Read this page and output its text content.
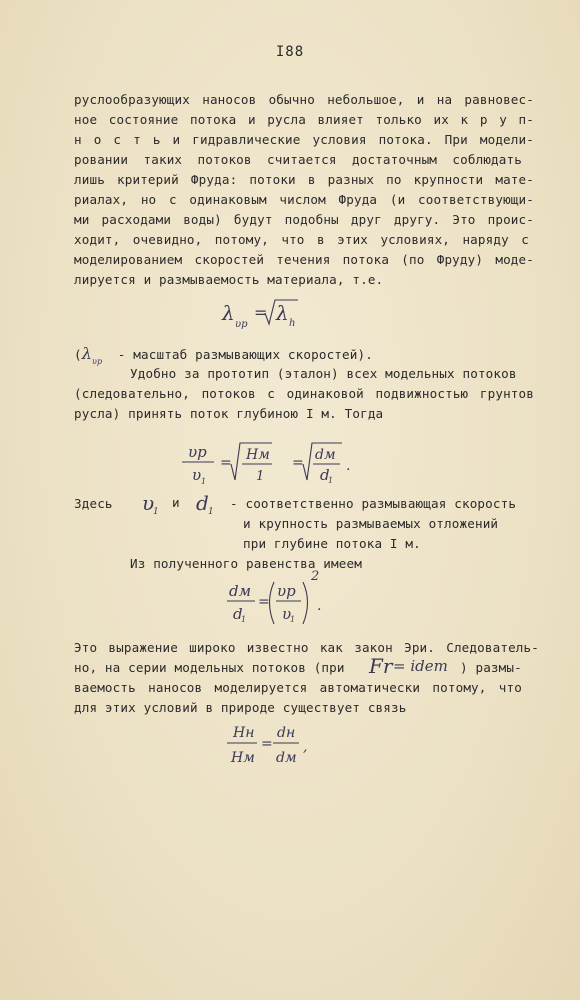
I88
руслообразующих наносов обычно небольшое, и на равновес-
ное состояние потока и русла влияет только их к р у п-
н о с т ь и гидравлические условия потока. При модели-
ровании таких потоков считается достаточным соблюдать
лишь критерий Фруда: потоки в разных по крупности мате-
риалах, но с одинаковым числом Фруда (и соответствующи-
ми расходами воды) будут подобны друг другу. Это проис-
ходит, очевидно, потому, что в этих условиях, наряду с
моделированием скоростей течения потока (по Фруду) моде-
лируется и размываемость материала, т.е.
λ υр
= λ h
($\lambda_{\upsilon р}$ - масштаб размывающих скоростей).
Удобно за прототип (эталон) всех модельных потоков
(следовательно, потоков с одинаковой подвижностью грунтов
русла) принять поток глубиною I м. Тогда
υр
υ 1
= Hм
1
= dм
d
1
.
Здесь	υ
1
и d 1
- соответственно размывающая скорость
и крупность размываемых отложений
при глубине потока I м.
Из полученного равенства имеем
dм
d
1
=
υр
υ
1
2
.
Это выражение широко известно как закон Эри. Следователь-
но, на серии модельных потоков (при	Fr = idem ) размы-
ваемость наносов моделируется автоматически потому, что
для этих условий в природе существует связь
Hн
Hм
=
dн
dм
,
